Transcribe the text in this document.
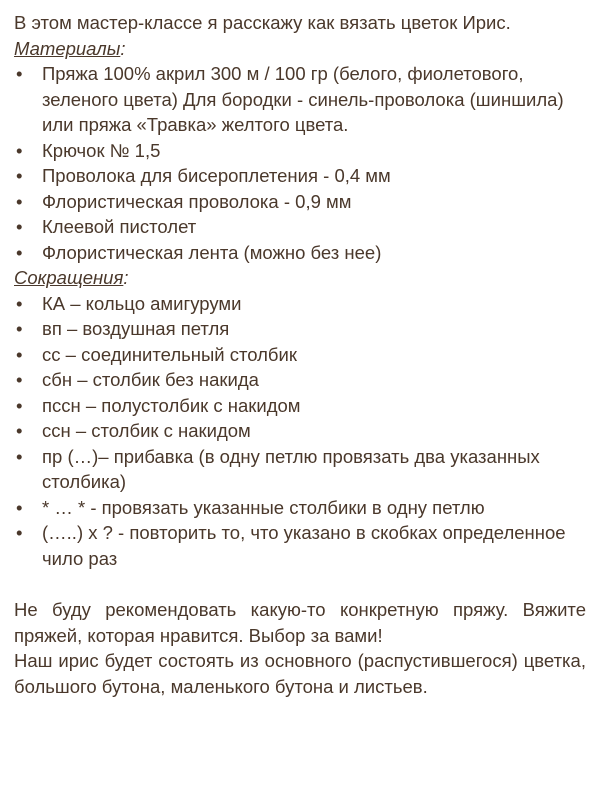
В этом мастер-классе я расскажу как вязать цветок Ирис.

Материалы:

• Пряжа 100% акрил 300 м / 100 гр (белого, фиолетового, зеленого цвета) Для бородки - синель-проволока (шиншила) или пряжа «Травка» желтого цвета.
• Крючок № 1,5
• Проволока для бисероплетения - 0,4 мм
• Флористическая проволока - 0,9 мм
• Клеевой пистолет
• Флористическая лента (можно без нее)

Сокращения:

• КА – кольцо амигуруми
• вп – воздушная петля
• сс – соединительный столбик
• сбн – столбик без накида
• пссн – полустолбик с накидом
• ссн – столбик с накидом
• пр (…)– прибавка (в одну петлю провязать два указанных столбика)
• * … * - провязать указанные столбики в одну петлю
• (…..) х ? - повторить то, что указано в скобках определенное чило раз

Не буду рекомендовать какую-то конкретную пряжу. Вяжите пряжей, которая нравится. Выбор за вами!

Наш ирис будет состоять из основного (распустившегося) цветка, большого бутона, маленького бутона и листьев.
